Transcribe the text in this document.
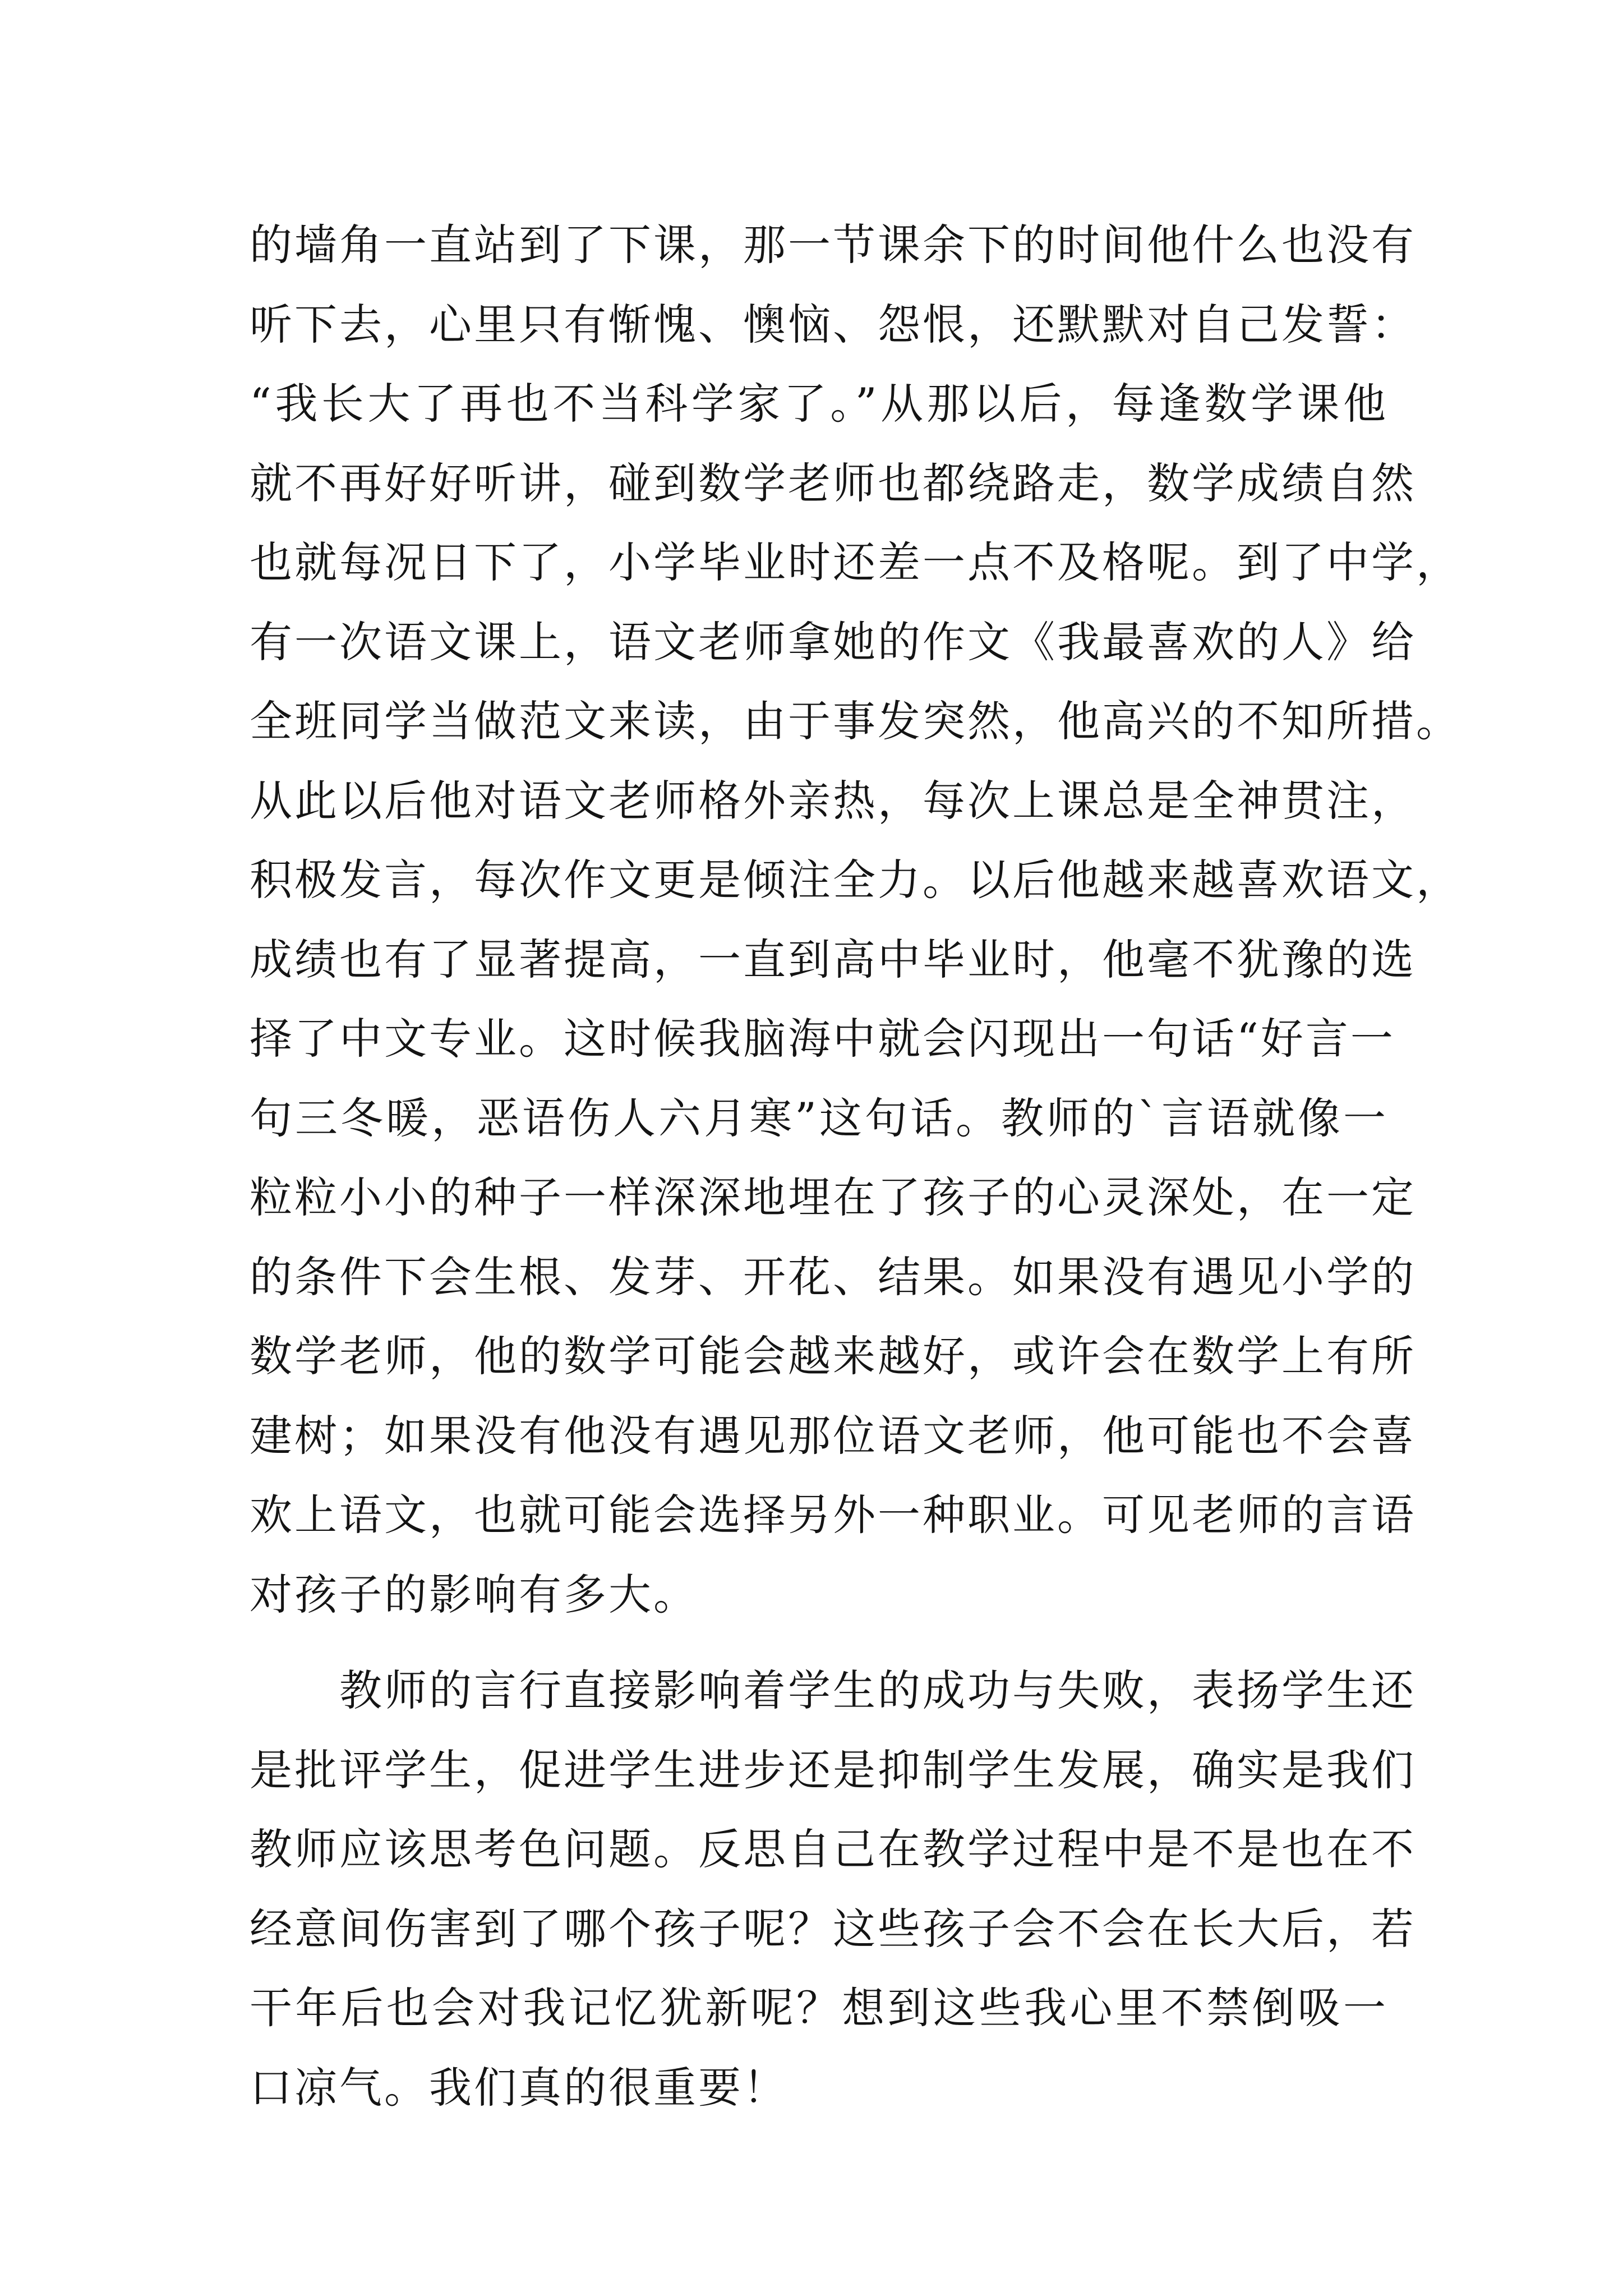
的墙角一直站到了下课，那一节课余下的时间他什么也没有
听下去，心里只有惭愧、懊恼、怨恨，还默默对自己发誓：
“我长大了再也不当科学家了。”从那以后，每逢数学课他
就不再好好听讲，碰到数学老师也都绕路走，数学成绩自然
也就每况日下了，小学毕业时还差一点不及格呢。到了中学，
有一次语文课上，语文老师拿她的作文《我最喜欢的人》给
全班同学当做范文来读，由于事发突然，他高兴的不知所措。
从此以后他对语文老师格外亲热，每次上课总是全神贯注，
积极发言，每次作文更是倾注全力。以后他越来越喜欢语文，
成绩也有了显著提高，一直到高中毕业时，他毫不犹豫的选
择了中文专业。这时候我脑海中就会闪现出一句话“好言一
句三冬暖，恶语伤人六月寒”这句话。教师的`言语就像一
粒粒小小的种子一样深深地埋在了孩子的心灵深处，在一定
的条件下会生根、发芽、开花、结果。如果没有遇见小学的
数学老师，他的数学可能会越来越好，或许会在数学上有所
建树；如果没有他没有遇见那位语文老师，他可能也不会喜
欢上语文，也就可能会选择另外一种职业。可见老师的言语
对孩子的影响有多大。
教师的言行直接影响着学生的成功与失败，表扬学生还
是批评学生，促进学生进步还是抑制学生发展，确实是我们
教师应该思考色问题。反思自己在教学过程中是不是也在不
经意间伤害到了哪个孩子呢？这些孩子会不会在长大后，若
干年后也会对我记忆犹新呢？想到这些我心里不禁倒吸一
口凉气。我们真的很重要！
